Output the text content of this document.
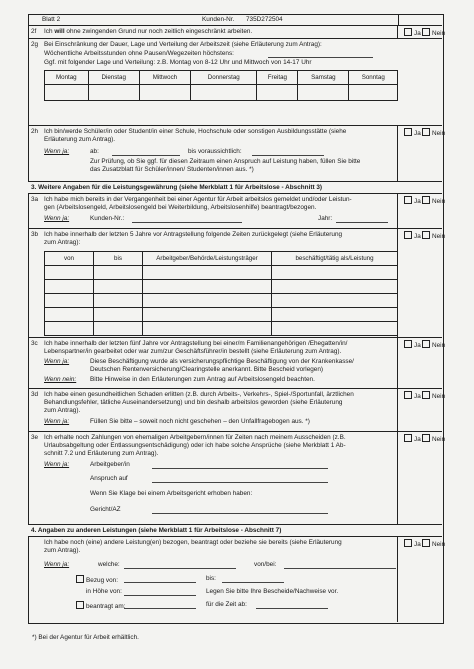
Blatt 2	Kunden-Nr. 735D272504
2f Ich will ohne zwingenden Grund nur noch zeitlich eingeschränkt arbeiten.	Ja	Nein
2g Bei Einschränkung der Dauer, Lage und Verteilung der Arbeitszeit (siehe Erläuterung zum Antrag):
Wöchentliche Arbeitsstunden ohne Pausen/Wegezeiten höchstens:
Ggf. mit folgender Lage und Verteilung: z.B. Montag von 8-12 Uhr und Mittwoch von 14-17 Uhr
Montag	Dienstag	Mittwoch	Donnerstag	Freitag	Samstag	Sonntag

2h Ich bin/werde Schüler/in oder Student/in einer Schule, Hochschule oder sonstigen Ausbildungsstätte (siehe
Erläuterung zum Antrag).
Wenn ja:	ab:	bis voraussichtlich:
Zur Prüfung, ob Sie ggf. für diesen Zeitraum einen Anspruch auf Leistung haben, füllen Sie bitte
das Zusatzblatt für Schüler/innen/ Studenten/innen aus. *)
Ja	Nein
3. Weitere Angaben für die Leistungsgewährung (siehe Merkblatt 1 für Arbeitslose - Abschnitt 3)
3a Ich habe mich bereits in der Vergangenheit bei einer Agentur für Arbeit arbeitslos gemeldet und/oder Leistun-
gen (Arbeitslosengeld, Arbeitslosengeld bei Weiterbildung, Arbeitslosenhilfe) beantragt/bezogen.
Wenn ja:	Kunden-Nr.:	Jahr:
Ja	Nein
3b Ich habe innerhalb der letzten 5 Jahre vor Antragstellung folgende Zeiten zurückgelegt (siehe Erläuterung
zum Antrag):
von	bis	Arbeitgeber/Behörde/Leistungsträger	beschäftigt/tätig als/Leistung

Ja	Nein
3c Ich habe innerhalb der letzten fünf Jahre vor Antragstellung bei einer/m Familienangehörigen /Ehegatten/in/
Lebenspartner/in gearbeitet oder war zum/zur Geschäftsführer/in bestellt (siehe Erläuterung zum Antrag).
Wenn ja:	Diese Beschäftigung wurde als versicherungspflichtige Beschäftigung von der Krankenkasse/
Deutschen Rentenversicherung/Clearingstelle anerkannt. Bitte Bescheid vorlegen)
Wenn nein: Bitte Hinweise in den Erläuterungen zum Antrag auf Arbeitslosengeld beachten.
Ja	Nein
3d Ich habe einen gesundheitlichen Schaden erlitten (z.B. durch Arbeits-, Verkehrs-, Spiel-/Sportunfall, ärztlichen
Behandlungsfehler, tätliche Auseinandersetzung) und bin deshalb arbeitslos geworden (siehe Erläuterung
zum Antrag).
Wenn ja:	Füllen Sie bitte – soweit noch nicht geschehen – den Unfallfragebogen aus. *)
Ja	Nein
3e Ich erhalte noch Zahlungen von ehemaligen Arbeitgebern/innen für Zeiten nach meinem Ausscheiden (z.B.
Urlaubsabgeltung oder Entlassungsentschädigung) oder ich habe solche Ansprüche (siehe Merkblatt 1 Ab-
schnitt 7.2 und Erläuterung zum Antrag).
Wenn ja:	Arbeitgeber/in
Anspruch auf
Wenn Sie Klage bei einem Arbeitsgericht erhoben haben:
Gericht/AZ
Ja	Nein
4. Angaben zu anderen Leistungen (siehe Merkblatt 1 für Arbeitslose - Abschnitt 7)
Ich habe noch (eine) andere Leistung(en) bezogen, beantragt oder beziehe sie bereits (siehe Erläuterung
zum Antrag).
Wenn ja:	welche:	von/bei:
Bezug von:	bis:
in Höhe von:	Legen Sie bitte Ihre Bescheide/Nachweise vor.
beantragt am:	für die Zeit ab:
Ja	Nein
*) Bei der Agentur für Arbeit erhältlich.
